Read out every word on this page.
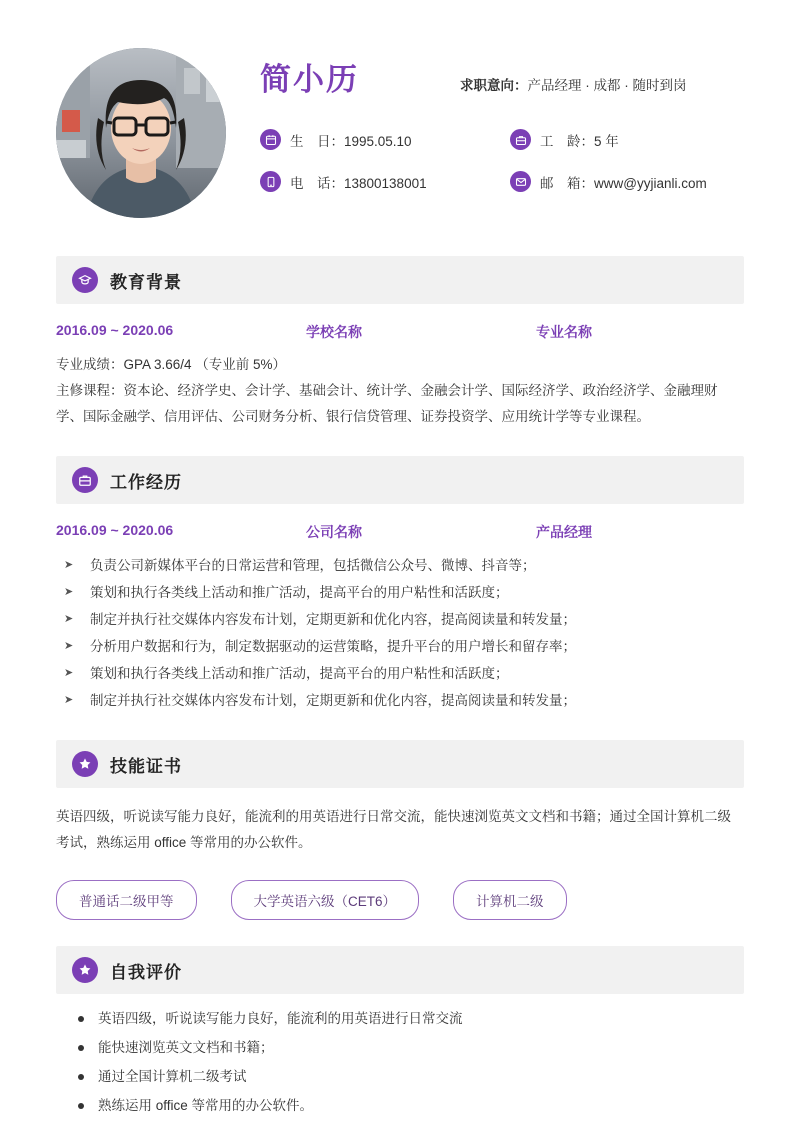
简小历	求职意向：产品经理 · 成都 · 随时到岗
生　日：1995.05.10	工　龄：5 年
电　话：13800138001	邮　箱：www@yyjianli.com
教育背景
2016.09 ~ 2020.06	学校名称	专业名称
专业成绩：GPA 3.66/4 （专业前 5%）
主修课程：资本论、经济学史、会计学、基础会计、统计学、金融会计学、国际经济学、政治经济学、金融理财学、国际金融学、信用评估、公司财务分析、银行信贷管理、证券投资学、应用统计学等专业课程。
工作经历
2016.09 ~ 2020.06	公司名称	产品经理
➤ 负责公司新媒体平台的日常运营和管理，包括微信公众号、微博、抖音等；
➤ 策划和执行各类线上活动和推广活动，提高平台的用户粘性和活跃度；
➤ 制定并执行社交媒体内容发布计划，定期更新和优化内容，提高阅读量和转发量；
➤ 分析用户数据和行为，制定数据驱动的运营策略，提升平台的用户增长和留存率；
➤ 策划和执行各类线上活动和推广活动，提高平台的用户粘性和活跃度；
➤ 制定并执行社交媒体内容发布计划，定期更新和优化内容，提高阅读量和转发量；
技能证书
英语四级，听说读写能力良好，能流利的用英语进行日常交流，能快速浏览英文文档和书籍；通过全国计算机二级考试，熟练运用 office 等常用的办公软件。
普通话二级甲等	大学英语六级（CET6）	计算机二级
自我评价
英语四级，听说读写能力良好，能流利的用英语进行日常交流
能快速浏览英文文档和书籍；
通过全国计算机二级考试
熟练运用 office 等常用的办公软件。
